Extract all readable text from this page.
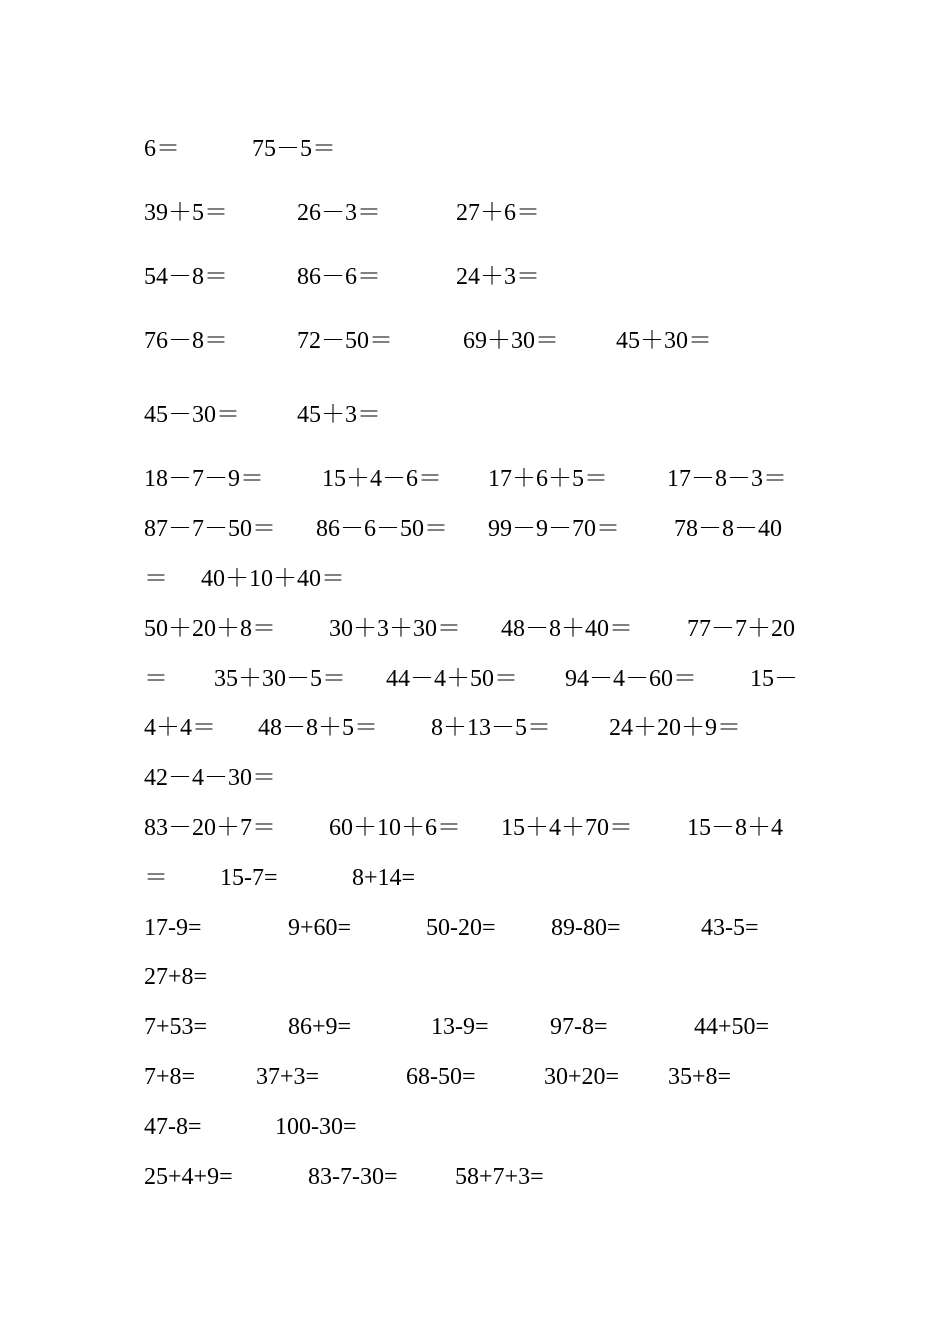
6＝	75－5＝
39＋5＝	26－3＝	27＋6＝
54－8＝	86－6＝	24＋3＝
76－8＝	72－50＝	69＋30＝ 45＋30＝
45－30＝ 45＋3＝
18－7－9＝ 15＋4－6＝ 17＋6＋5＝ 17－8－3＝
87－7－50＝ 86－6－50＝ 99－9－70＝ 78－8－40
＝ 40＋10＋40＝
50＋20＋8＝ 30＋3＋30＝ 48－8＋40＝ 77－7＋20
＝ 35＋30－5＝ 44－4＋50＝ 94－4－60＝ 15－
4＋4＝ 48－8＋5＝ 8＋13－5＝ 24＋20＋9＝
42－4－30＝
83－20＋7＝ 60＋10＋6＝ 15＋4＋70＝ 15－8＋4
＝ 15-7=	8+14=
17-9=	9+60=	50-20= 89-80=	43-5=
27+8=
7+53=	86+9=	13-9=	97-8=	44+50=
7+8=	37+3=	68-50=	30+20= 35+8=
47-8=	100-30=
25+4+9=	83-7-30= 58+7+3=
